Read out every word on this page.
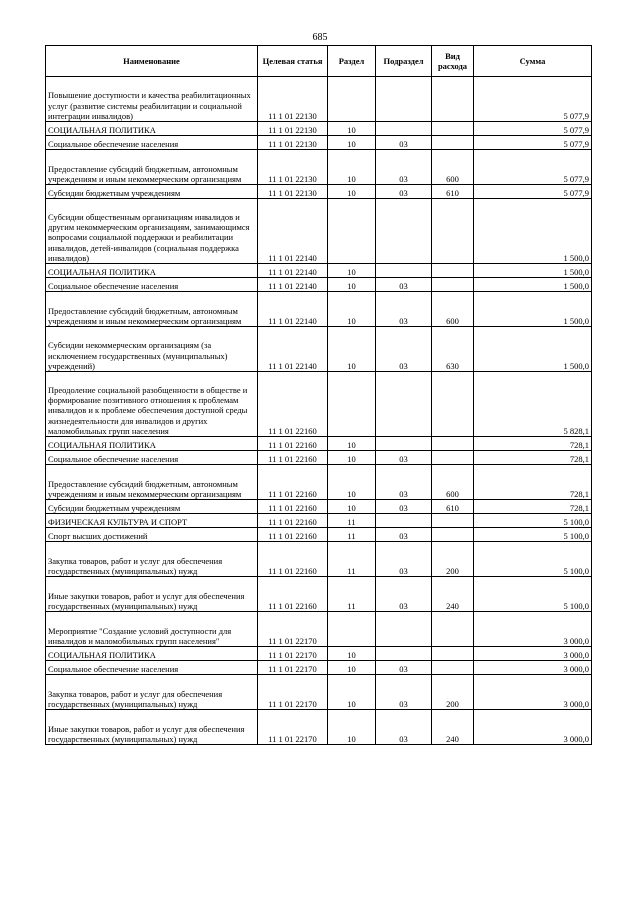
685
Наименование	Целевая статья	Раздел	Подраздел	Вид расхода	Сумма
Повышение доступности и качества реабилитационных услуг (развитие системы реабилитации и социальной интеграции инвалидов)	11 1 01 22130				5 077,9
СОЦИАЛЬНАЯ ПОЛИТИКА	11 1 01 22130	10			5 077,9
Социальное обеспечение населения	11 1 01 22130	10	03		5 077,9
Предоставление субсидий бюджетным, автономным учреждениям и иным некоммерческим организациям	11 1 01 22130	10	03	600	5 077,9
Субсидии бюджетным учреждениям	11 1 01 22130	10	03	610	5 077,9
Субсидии общественным организациям инвалидов и другим некоммерческим организациям, занимающимся вопросами социальной поддержки и реабилитации инвалидов, детей-инвалидов (социальная поддержка инвалидов)	11 1 01 22140				1 500,0
СОЦИАЛЬНАЯ ПОЛИТИКА	11 1 01 22140	10			1 500,0
Социальное обеспечение населения	11 1 01 22140	10	03		1 500,0
Предоставление субсидий бюджетным, автономным учреждениям и иным некоммерческим организациям	11 1 01 22140	10	03	600	1 500,0
Субсидии некоммерческим организациям (за исключением государственных (муниципальных) учреждений)	11 1 01 22140	10	03	630	1 500,0
Преодоление социальной разобщенности в обществе и формирование позитивного отношения к проблемам инвалидов и к проблеме обеспечения доступной среды жизнедеятельности для инвалидов и других маломобильных групп населения	11 1 01 22160				5 828,1
СОЦИАЛЬНАЯ ПОЛИТИКА	11 1 01 22160	10			728,1
Социальное обеспечение населения	11 1 01 22160	10	03		728,1
Предоставление субсидий бюджетным, автономным учреждениям и иным некоммерческим организациям	11 1 01 22160	10	03	600	728,1
Субсидии бюджетным учреждениям	11 1 01 22160	10	03	610	728,1
ФИЗИЧЕСКАЯ КУЛЬТУРА И СПОРТ	11 1 01 22160	11			5 100,0
Спорт высших достижений	11 1 01 22160	11	03		5 100,0
Закупка товаров, работ и услуг для обеспечения государственных (муниципальных) нужд	11 1 01 22160	11	03	200	5 100,0
Иные закупки товаров, работ и услуг для обеспечения государственных (муниципальных) нужд	11 1 01 22160	11	03	240	5 100,0
Мероприятие "Создание условий доступности для инвалидов и маломобильных групп населения"	11 1 01 22170				3 000,0
СОЦИАЛЬНАЯ ПОЛИТИКА	11 1 01 22170	10			3 000,0
Социальное обеспечение населения	11 1 01 22170	10	03		3 000,0
Закупка товаров, работ и услуг для обеспечения государственных (муниципальных) нужд	11 1 01 22170	10	03	200	3 000,0
Иные закупки товаров, работ и услуг для обеспечения государственных (муниципальных) нужд	11 1 01 22170	10	03	240	3 000,0
